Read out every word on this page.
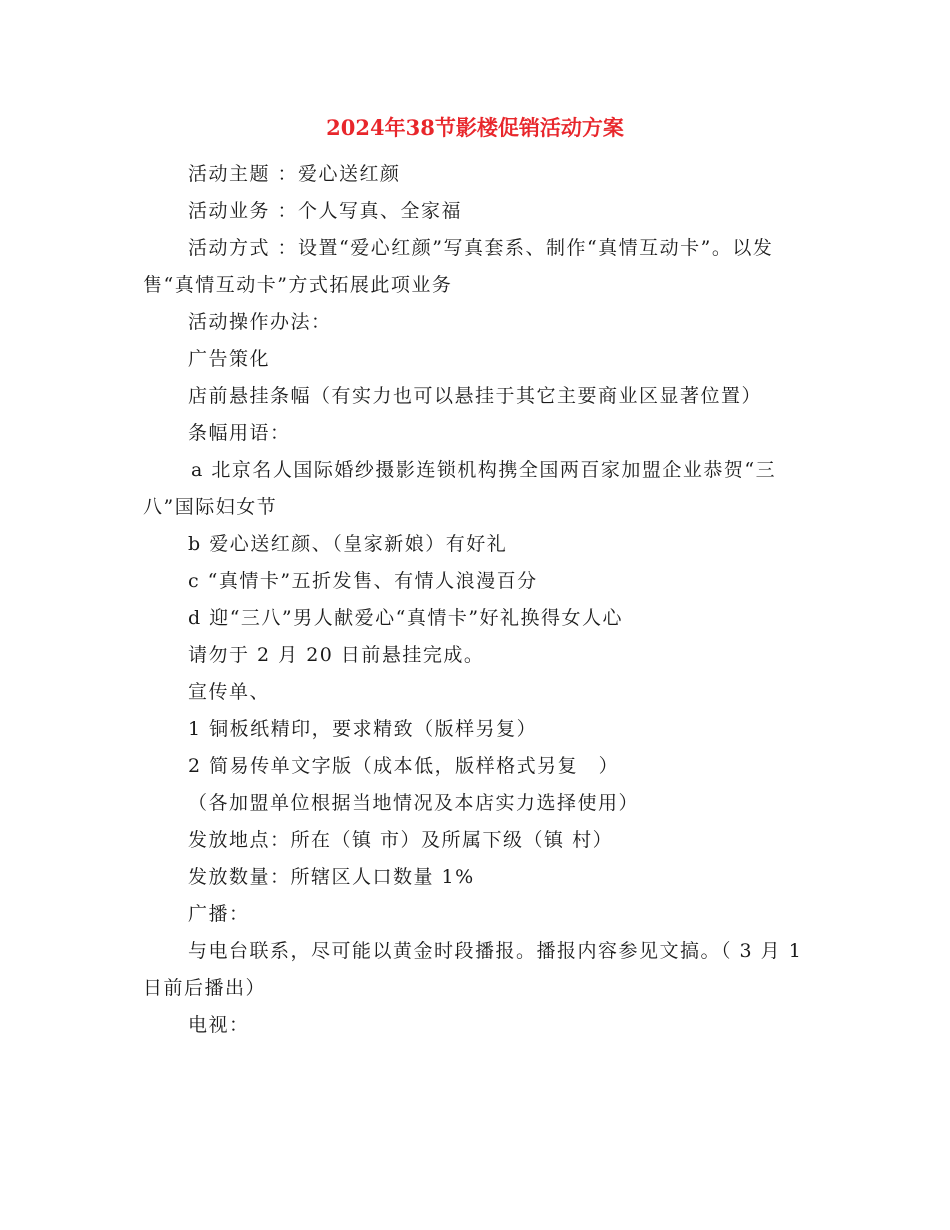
2024年38节影楼促销活动方案

活动主题 ：爱心送红颜

活动业务 ：个人写真、全家福

活动方式 ：设置“爱心红颜”写真套系、制作“真情互动卡”。以发售“真情互动卡”方式拓展此项业务

活动操作办法：

广告策化

店前悬挂条幅（有实力也可以悬挂于其它主要商业区显著位置）

条幅用语：

a 北京名人国际婚纱摄影连锁机构携全国两百家加盟企业恭贺“三八”国际妇女节

b 爱心送红颜、（皇家新娘）有好礼

c “真情卡”五折发售、有情人浪漫百分

d 迎“三八”男人献爱心“真情卡”好礼换得女人心

请勿于 2 月 20 日前悬挂完成。

宣传单、

1 铜板纸精印，要求精致（版样另复）

2 简易传单文字版（成本低，版样格式另复　）

（各加盟单位根据当地情况及本店实力选择使用）

发放地点：所在（镇 市）及所属下级（镇 村）

发放数量：所辖区人口数量 1%

广播：

与电台联系，尽可能以黄金时段播报。播报内容参见文搞。（ 3 月 1 日前后播出）

电视：
